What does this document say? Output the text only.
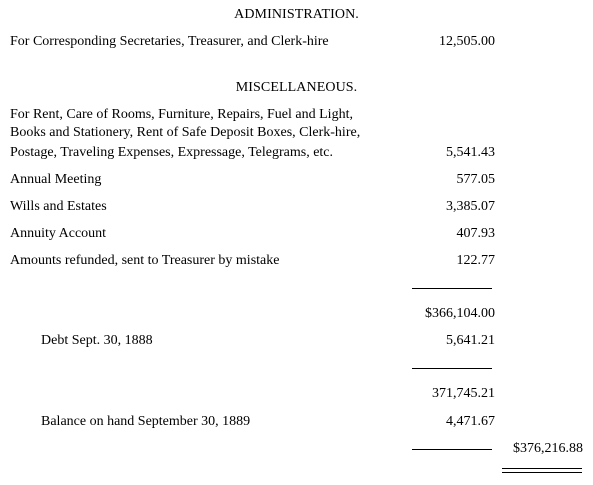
ADMINISTRATION.
For Corresponding Secretaries, Treasurer, and Clerk-hire	12,505.00
MISCELLANEOUS.
For Rent, Care of Rooms, Furniture, Repairs, Fuel and Light,
Books and Stationery, Rent of Safe Deposit Boxes, Clerk-hire,
Postage, Traveling Expenses, Expressage, Telegrams, etc.	5,541.43
Annual Meeting	577.05
Wills and Estates	3,385.07
Annuity Account	407.93
Amounts refunded, sent to Treasurer by mistake	122.77
$366,104.00
Debt Sept. 30, 1888	5,641.21
371,745.21
Balance on hand September 30, 1889	4,471.67
$376,216.88
